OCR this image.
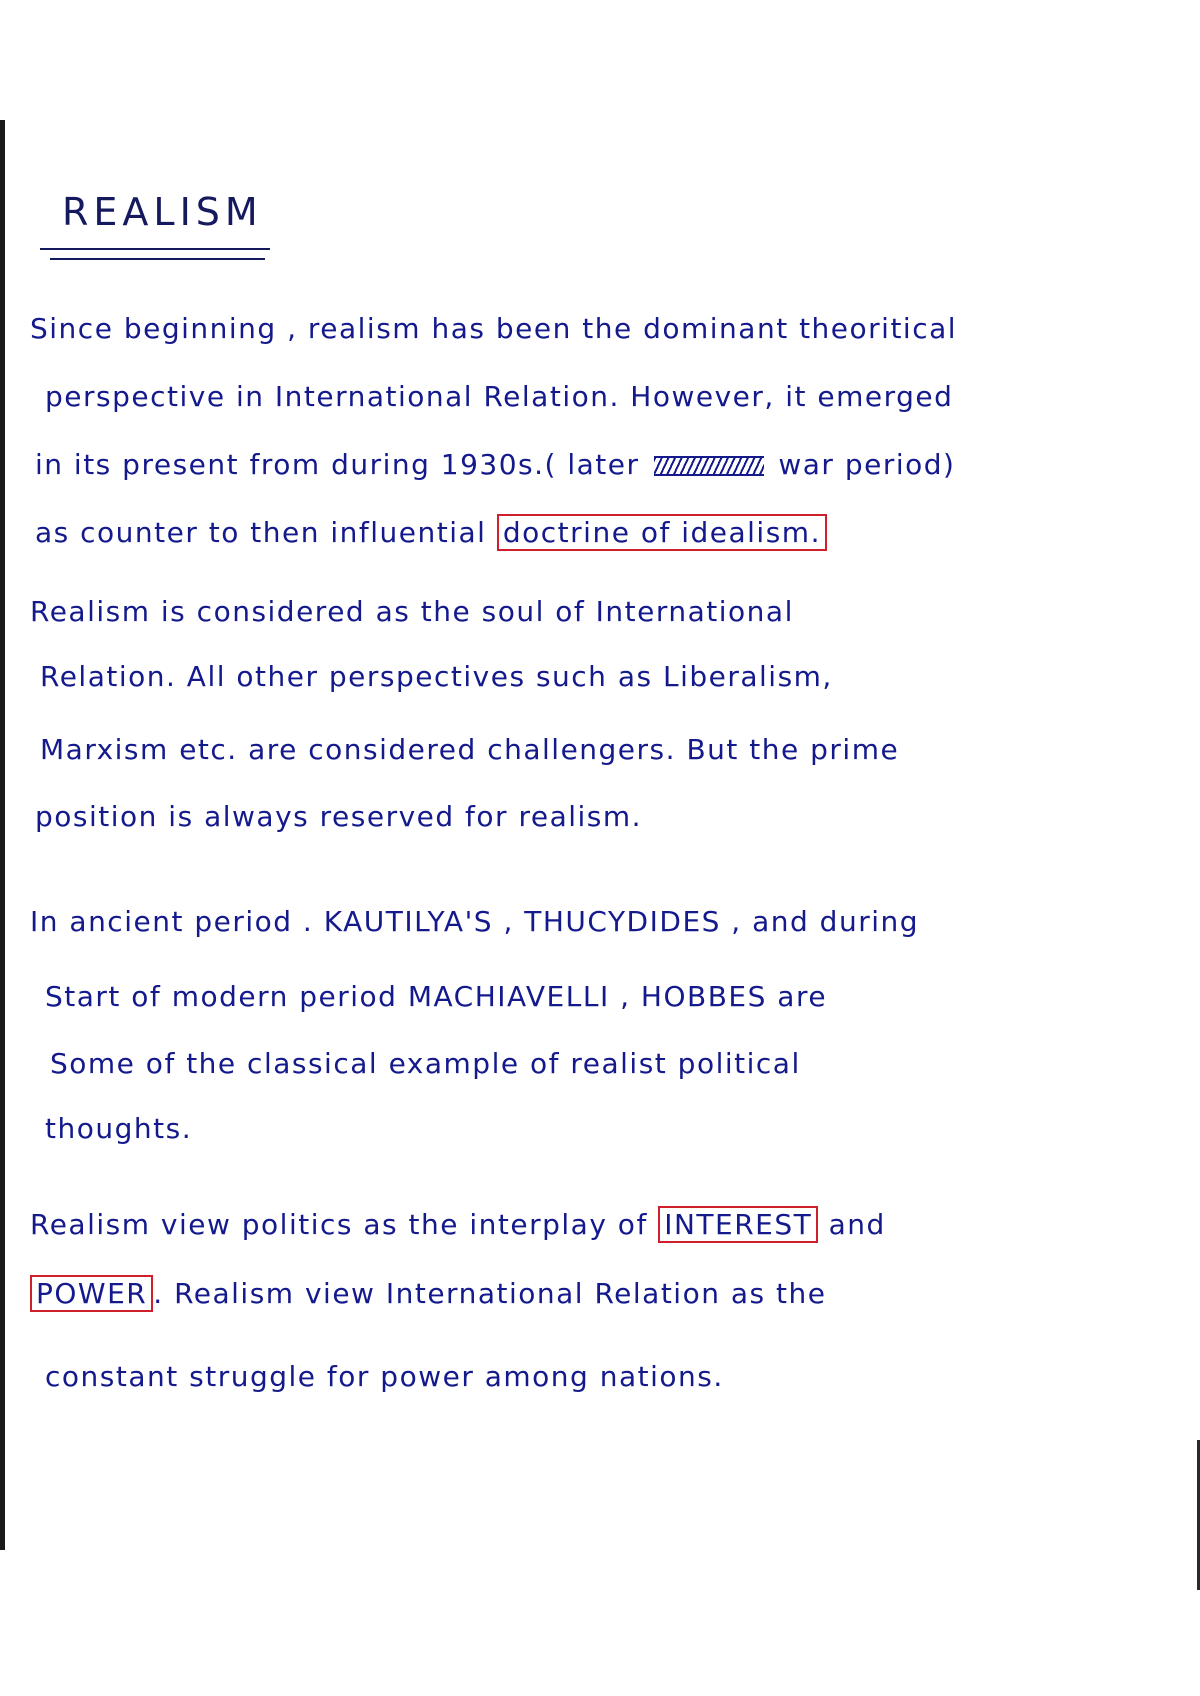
REALISM
Since beginning , realism has been the dominant theoritical
perspective in International Relation. However, it emerged
in its present from during 1930s.( later	war period)
as counter to then influential doctrine of idealism.
Realism is considered as the soul of International
Relation. All other perspectives such as Liberalism,
Marxism etc. are considered challengers. But the prime
position is always reserved for realism.
In ancient period . KAUTILYA'S , THUCYDIDES , and during
Start of modern period MACHIAVELLI , HOBBES are
Some of the classical example of realist political
thoughts.
Realism view politics as the interplay of INTEREST and
POWER . Realism view International Relation as the
constant struggle for power among nations.
